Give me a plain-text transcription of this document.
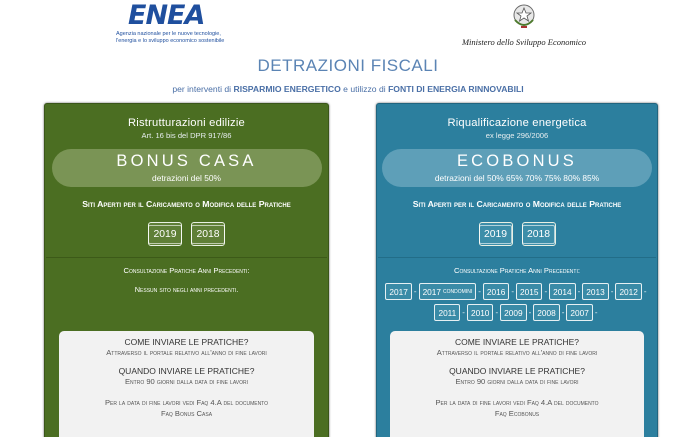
ENEA
Agenzia nazionale per le nuove tecnologie, l'energia e lo sviluppo economico sostenibile	Ministero dello Sviluppo Economico
DETRAZIONI FISCALI
per interventi di RISPARMIO ENERGETICO e utilizzo di FONTI DI ENERGIA RINNOVABILI
Ristrutturazioni edilizie
Art. 16 bis del DPR 917/86
BONUS CASA
detrazioni del 50%
Siti Aperti per il Caricamento o Modifica delle Pratiche
2019	2018
Consultazione Pratiche Anni Precedenti:
Nessun sito negli anni precedenti.
COME INVIARE LE PRATICHE?
Attraverso il portale relativo all'anno di fine lavori
QUANDO INVIARE LE PRATICHE?
Entro 90 giorni dalla data di fine lavori
Per la data di fine lavori vedi Faq 4.A del documento
Faq Bonus Casa
Riqualificazione energetica
ex legge 296/2006
ECOBONUS
detrazioni del 50% 65% 70% 75% 80% 85%
Siti Aperti per il Caricamento o Modifica delle Pratiche
2019	2018
Consultazione Pratiche Anni Precedenti:
2017 - 2017 condomini - 2016 - 2015 - 2014 - 2013 - 2012 -
2011 - 2010 - 2009 - 2008 - 2007 -
COME INVIARE LE PRATICHE?
Attraverso il portale relativo all'anno di fine lavori
QUANDO INVIARE LE PRATICHE?
Entro 90 giorni dalla data di fine lavori
Per la data di fine lavori vedi Faq 4.A del documento
Faq Ecobonus
